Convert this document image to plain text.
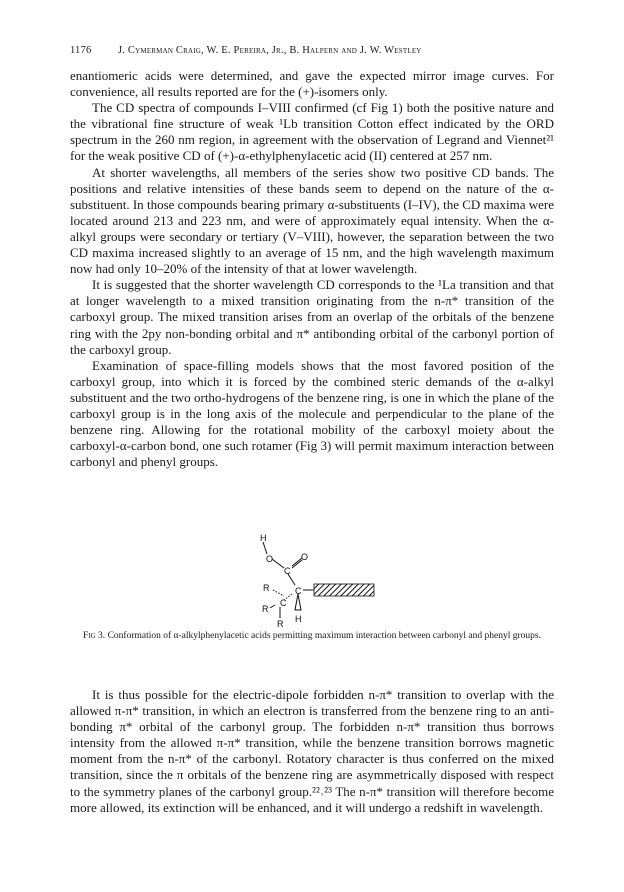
1176	J. Cymerman Craig, W. E. Pereira, Jr., B. Halpern and J. W. Westley

enantiomeric acids were determined, and gave the expected mirror image curves. For convenience, all results reported are for the (+)-isomers only.

The CD spectra of compounds I–VIII confirmed (cf Fig 1) both the positive nature and the vibrational fine structure of weak ¹Lb transition Cotton effect indicated by the ORD spectrum in the 260 nm region, in agreement with the observation of Legrand and Viennet²¹ for the weak positive CD of (+)-α-ethylphenylacetic acid (II) centered at 257 nm.

At shorter wavelengths, all members of the series show two positive CD bands. The positions and relative intensities of these bands seem to depend on the nature of the α-substituent. In those compounds bearing primary α-substituents (I–IV), the CD maxima were located around 213 and 223 nm, and were of approximately equal intensity. When the α-alkyl groups were secondary or tertiary (V–VIII), however, the separation between the two CD maxima increased slightly to an average of 15 nm, and the high wavelength maximum now had only 10–20% of the intensity of that at lower wavelength.

It is suggested that the shorter wavelength CD corresponds to the ¹La transition and that at longer wavelength to a mixed transition originating from the n-π* transition of the carboxyl group. The mixed transition arises from an overlap of the orbitals of the benzene ring with the 2py non-bonding orbital and π* antibonding orbital of the carbonyl portion of the carboxyl group.

Examination of space-filling models shows that the most favored position of the carboxyl group, into which it is forced by the combined steric demands of the α-alkyl substituent and the two ortho-hydrogens of the benzene ring, is one in which the plane of the carboxyl group is in the long axis of the molecule and perpendicular to the plane of the benzene ring. Allowing for the rotational mobility of the carboxyl moiety about the carboxyl-α-carbon bond, one such rotamer (Fig 3) will permit maximum interaction between carbonyl and phenyl groups.

H
O
C
O
R	C
C
R
R H
Fig 3. Conformation of α-alkylphenylacetic acids permitting maximum interaction between carbonyl and phenyl groups.

It is thus possible for the electric-dipole forbidden n-π* transition to overlap with the allowed π-π* transition, in which an electron is transferred from the benzene ring to an anti-bonding π* orbital of the carbonyl group. The forbidden n-π* transition thus borrows intensity from the allowed π-π* transition, while the benzene transition borrows magnetic moment from the n-π* of the carbonyl. Rotatory character is thus conferred on the mixed transition, since the π orbitals of the benzene ring are asymmetrically disposed with respect to the symmetry planes of the carbonyl group.²²˒²³ The n-π* transition will therefore become more allowed, its extinction will be enhanced, and it will undergo a redshift in wavelength.
